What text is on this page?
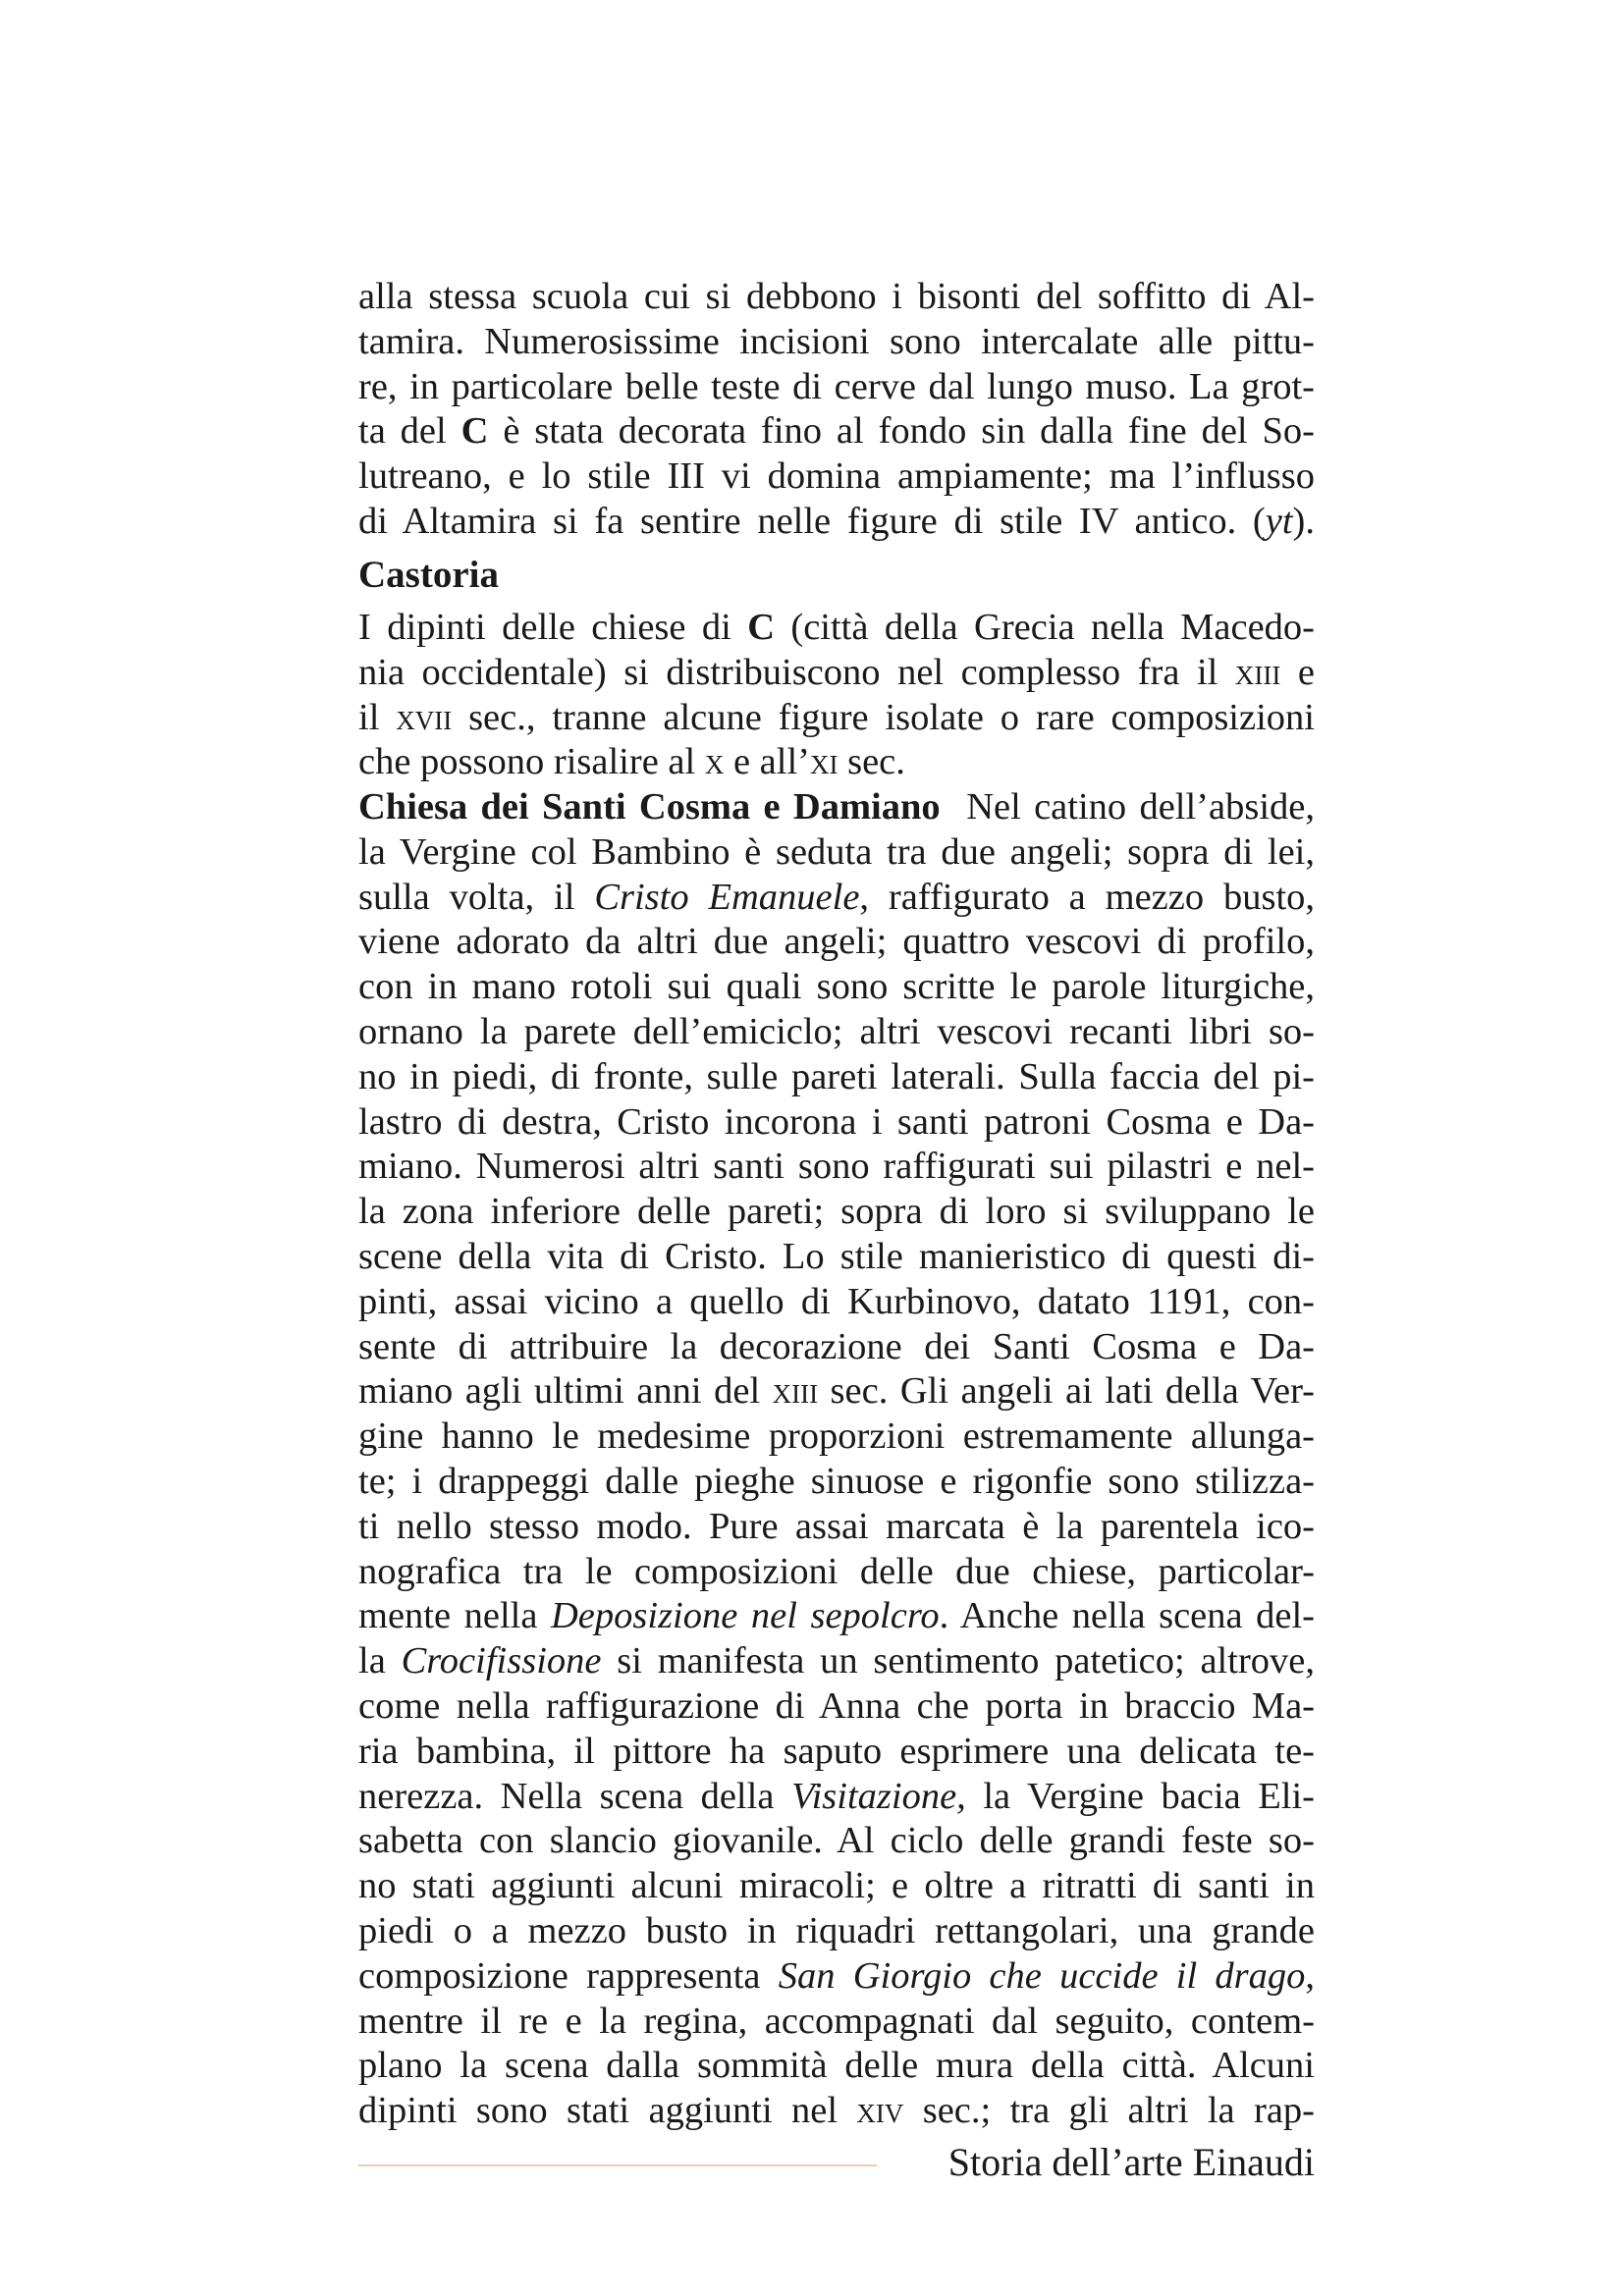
alla stessa scuola cui si debbono i bisonti del soffitto di Al-
tamira. Numerosissime incisioni sono intercalate alle pittu-
re, in particolare belle teste di cerve dal lungo muso. La grot-
ta del C è stata decorata fino al fondo sin dalla fine del So-
lutreano, e lo stile III vi domina ampiamente; ma l’influsso
di Altamira si fa sentire nelle figure di stile IV antico. (yt).
Castoria
I dipinti delle chiese di C (città della Grecia nella Macedo-
nia occidentale) si distribuiscono nel complesso fra il xiii e
il xvii sec., tranne alcune figure isolate o rare composizioni
che possono risalire al x e all’xi sec.
Chiesa dei Santi Cosma e Damiano  Nel catino dell’abside,
la Vergine col Bambino è seduta tra due angeli; sopra di lei,
sulla volta, il Cristo Emanuele, raffigurato a mezzo busto,
viene adorato da altri due angeli; quattro vescovi di profilo,
con in mano rotoli sui quali sono scritte le parole liturgiche,
ornano la parete dell’emiciclo; altri vescovi recanti libri so-
no in piedi, di fronte, sulle pareti laterali. Sulla faccia del pi-
lastro di destra, Cristo incorona i santi patroni Cosma e Da-
miano. Numerosi altri santi sono raffigurati sui pilastri e nel-
la zona inferiore delle pareti; sopra di loro si sviluppano le
scene della vita di Cristo. Lo stile manieristico di questi di-
pinti, assai vicino a quello di Kurbinovo, datato 1191, con-
sente di attribuire la decorazione dei Santi Cosma e Da-
miano agli ultimi anni del xiii sec. Gli angeli ai lati della Ver-
gine hanno le medesime proporzioni estremamente allunga-
te; i drappeggi dalle pieghe sinuose e rigonfie sono stilizza-
ti nello stesso modo. Pure assai marcata è la parentela ico-
nografica tra le composizioni delle due chiese, particolar-
mente nella Deposizione nel sepolcro. Anche nella scena del-
la Crocifissione si manifesta un sentimento patetico; altrove,
come nella raffigurazione di Anna che porta in braccio Ma-
ria bambina, il pittore ha saputo esprimere una delicata te-
nerezza. Nella scena della Visitazione, la Vergine bacia Eli-
sabetta con slancio giovanile. Al ciclo delle grandi feste so-
no stati aggiunti alcuni miracoli; e oltre a ritratti di santi in
piedi o a mezzo busto in riquadri rettangolari, una grande
composizione rappresenta San Giorgio che uccide il drago,
mentre il re e la regina, accompagnati dal seguito, contem-
plano la scena dalla sommità delle mura della città. Alcuni
dipinti sono stati aggiunti nel xiv sec.; tra gli altri la rap-
Storia dell’arte Einaudi
